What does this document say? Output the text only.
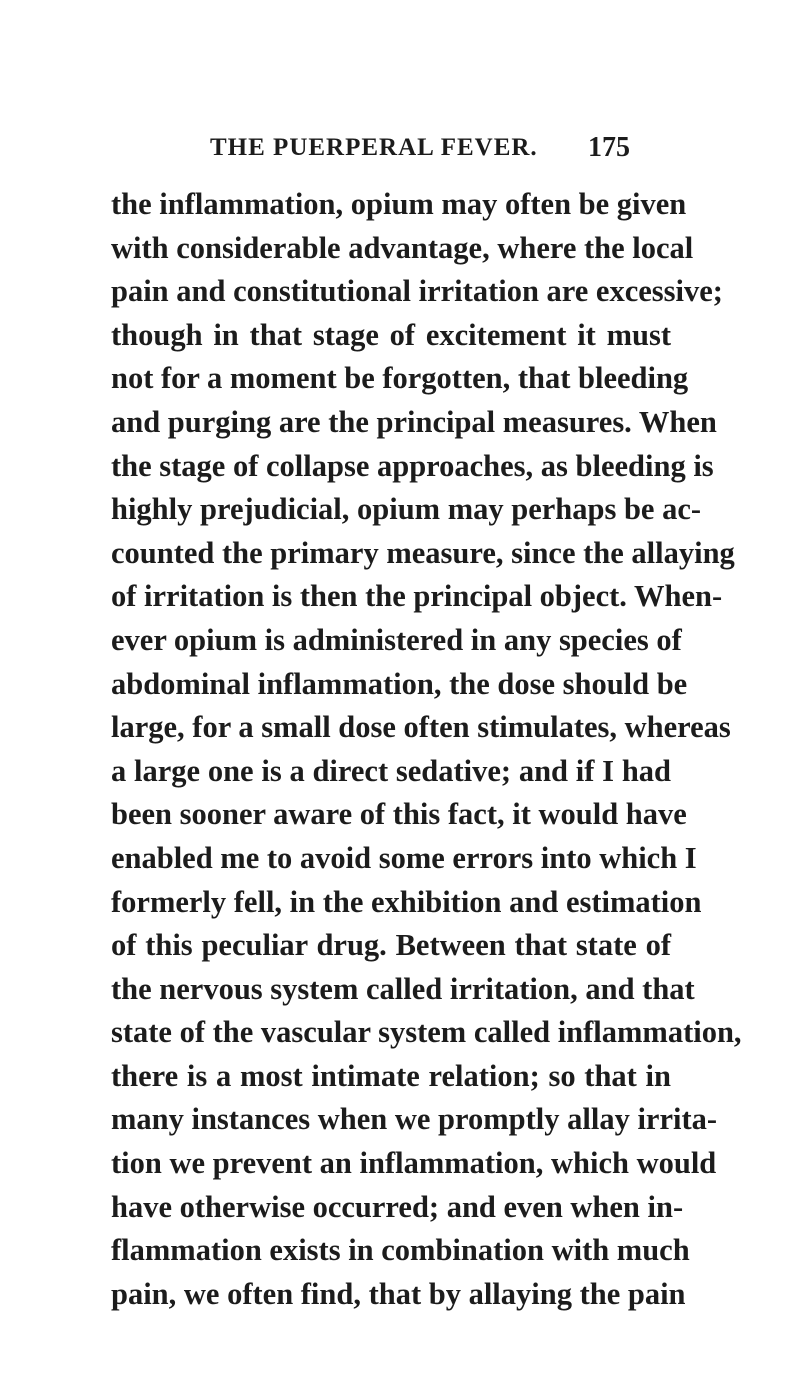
THE PUERPERAL FEVER. 175
the inflammation, opium may often be given
with considerable advantage, where the local
pain and constitutional irritation are excessive;
though in that stage of excitement it must
not for a moment be forgotten, that bleeding
and purging are the principal measures. When
the stage of collapse approaches, as bleeding is
highly prejudicial, opium may perhaps be ac-
counted the primary measure, since the allaying
of irritation is then the principal object. When-
ever opium is administered in any species of
abdominal inflammation, the dose should be
large, for a small dose often stimulates, whereas
a large one is a direct sedative; and if I had
been sooner aware of this fact, it would have
enabled me to avoid some errors into which I
formerly fell, in the exhibition and estimation
of this peculiar drug. Between that state of
the nervous system called irritation, and that
state of the vascular system called inflammation,
there is a most intimate relation; so that in
many instances when we promptly allay irrita-
tion we prevent an inflammation, which would
have otherwise occurred; and even when in-
flammation exists in combination with much
pain, we often find, that by allaying the pain
